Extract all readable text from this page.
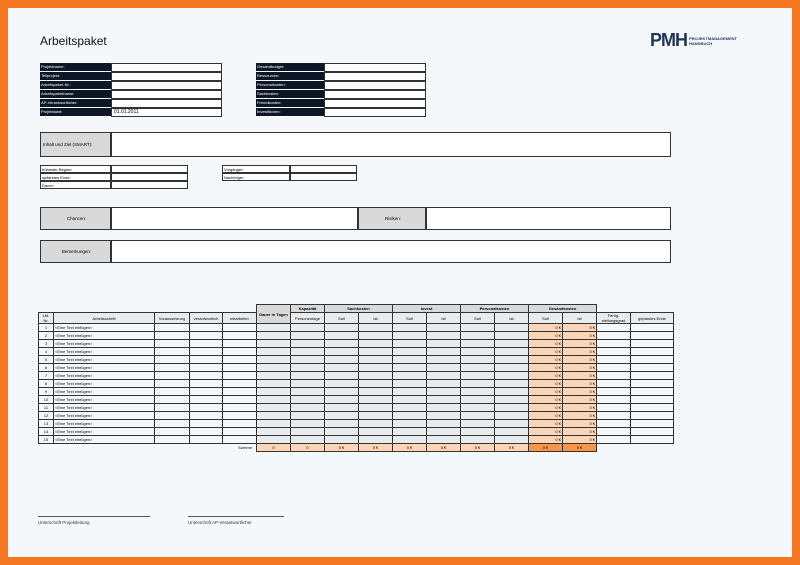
Arbeitspaket	PMH PROJEKTMANAGEMENT
HANDBUCH
Projektname:
Teilprojekt:
Arbeitspaket-Nr.:
Arbeitspaketname:
AP-Verantwortlicher:
Projektstart:	01.01.2011
Gesamtbudget:
Ressourcen:
Personalkosten:
Sachkosten:
Fremdkosten:
Investitionen:
Inhalt und Ziel (SMART):
frühester Beginn:
spätestes Ende:
Dauer:
Vorgänger:
Nachfolger:
Chancen:	Risiken:
Bemerkungen:
					Dauer in Tagen	Kapazität	Sachkosten		Invest		Personalkosten		Gesamtkosten			
Lfd. Nr.	Arbeitsschritt	Voraussetzung	verantwortlich	mitarbeiter		Personentage	Soll	Ist	Soll	Ist	Soll	Ist	Soll	Ist	Fertig-stellungsgrad	geplantes Ende
1	<Eine Text einfügen>												0 €	0 €		
2	<Eine Text einfügen>												0 €	0 €		
3	<Eine Text einfügen>												0 €	0 €		
4	<Eine Text einfügen>												0 €	0 €		
5	<Eine Text einfügen>												0 €	0 €		
6	<Eine Text einfügen>												0 €	0 €		
7	<Eine Text einfügen>												0 €	0 €		
8	<Eine Text einfügen>												0 €	0 €		
9	<Eine Text einfügen>												0 €	0 €		
10	<Eine Text einfügen>												0 €	0 €		
11	<Eine Text einfügen>												0 €	0 €		
12	<Eine Text einfügen>												0 €	0 €		
13	<Eine Text einfügen>												0 €	0 €		
14	<Eine Text einfügen>												0 €	0 €		
15	<Eine Text einfügen>												0 €	0 €		
Summe:					0	0	0 €	0 €	0 €	0 €	0 €	0 €	0 €	0 €		
Unterschrift Projektleitung	Unterschrift AP-Verantwortlicher
